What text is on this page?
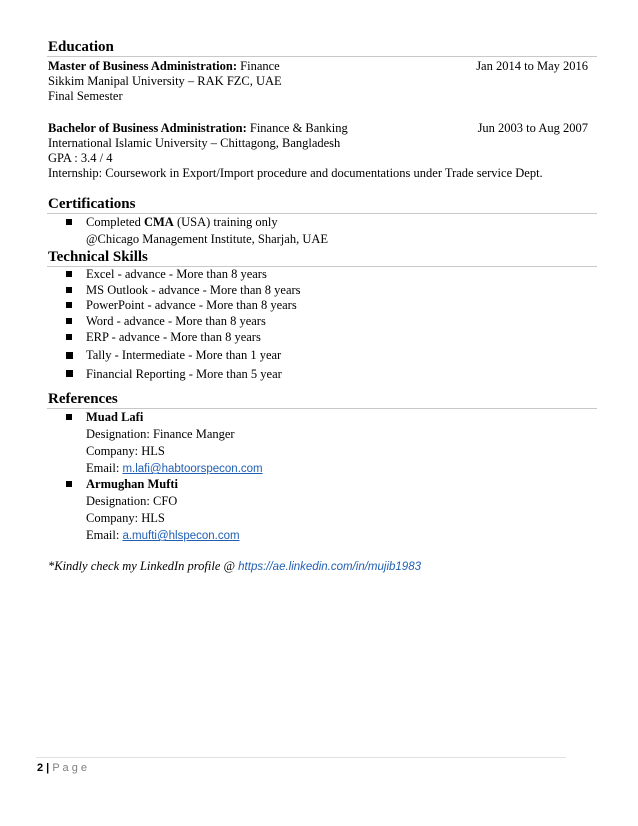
Education
Master of Business Administration: Finance	Jan 2014 to May 2016
Sikkim Manipal University – RAK FZC, UAE
Final Semester
Bachelor of Business Administration: Finance & Banking	Jun 2003 to Aug 2007
International Islamic University – Chittagong, Bangladesh
GPA : 3.4 / 4
Internship: Coursework in Export/Import procedure and documentations under Trade service Dept.
Certifications
Completed CMA (USA) training only
@Chicago Management Institute, Sharjah, UAE
Technical Skills
Excel - advance - More than 8 years
MS Outlook - advance - More than 8 years
PowerPoint - advance - More than 8 years
Word - advance - More than 8 years
ERP - advance - More than 8 years
Tally - Intermediate - More than 1 year
Financial Reporting - More than 5 year
References
Muad Lafi
Designation: Finance Manger
Company: HLS
Email: m.lafi@habtoorspecon.com
Armughan Mufti
Designation: CFO
Company: HLS
Email: a.mufti@hlspecon.com
*Kindly check my LinkedIn profile @ https://ae.linkedin.com/in/mujib1983
2 | P a g e
